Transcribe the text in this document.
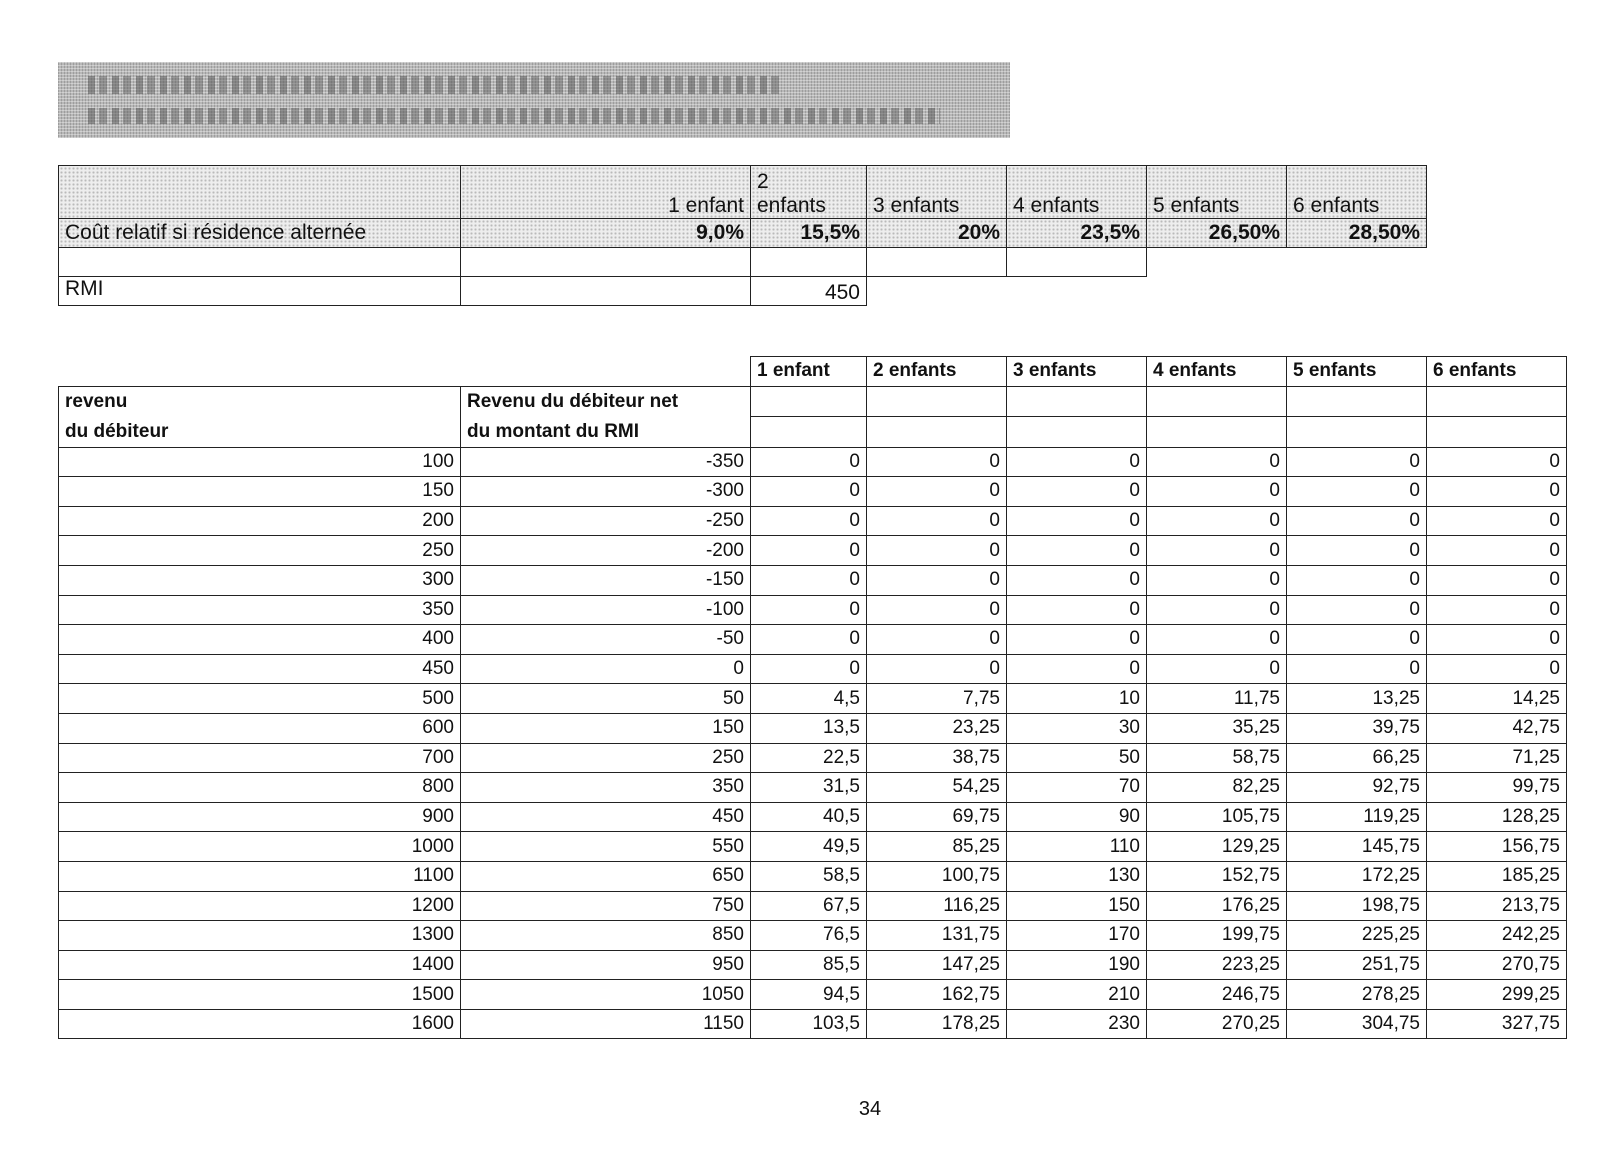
	1 enfant	2
enfants	3 enfants	4 enfants	5 enfants	6 enfants
Coût relatif si résidence alternée	9,0%	15,5%	20%	23,5%	26,50%	28,50%

RMI		450				
		1 enfant	2 enfants	3 enfants	4 enfants	5 enfants	6 enfants
revenu
du débiteur	Revenu du débiteur net
du montant du RMI						

100	-350	0	0	0	0	0	0
150	-300	0	0	0	0	0	0
200	-250	0	0	0	0	0	0
250	-200	0	0	0	0	0	0
300	-150	0	0	0	0	0	0
350	-100	0	0	0	0	0	0
400	-50	0	0	0	0	0	0
450	0	0	0	0	0	0	0
500	50	4,5	7,75	10	11,75	13,25	14,25
600	150	13,5	23,25	30	35,25	39,75	42,75
700	250	22,5	38,75	50	58,75	66,25	71,25
800	350	31,5	54,25	70	82,25	92,75	99,75
900	450	40,5	69,75	90	105,75	119,25	128,25
1000	550	49,5	85,25	110	129,25	145,75	156,75
1100	650	58,5	100,75	130	152,75	172,25	185,25
1200	750	67,5	116,25	150	176,25	198,75	213,75
1300	850	76,5	131,75	170	199,75	225,25	242,25
1400	950	85,5	147,25	190	223,25	251,75	270,75
1500	1050	94,5	162,75	210	246,75	278,25	299,25
1600	1150	103,5	178,25	230	270,25	304,75	327,75
34
